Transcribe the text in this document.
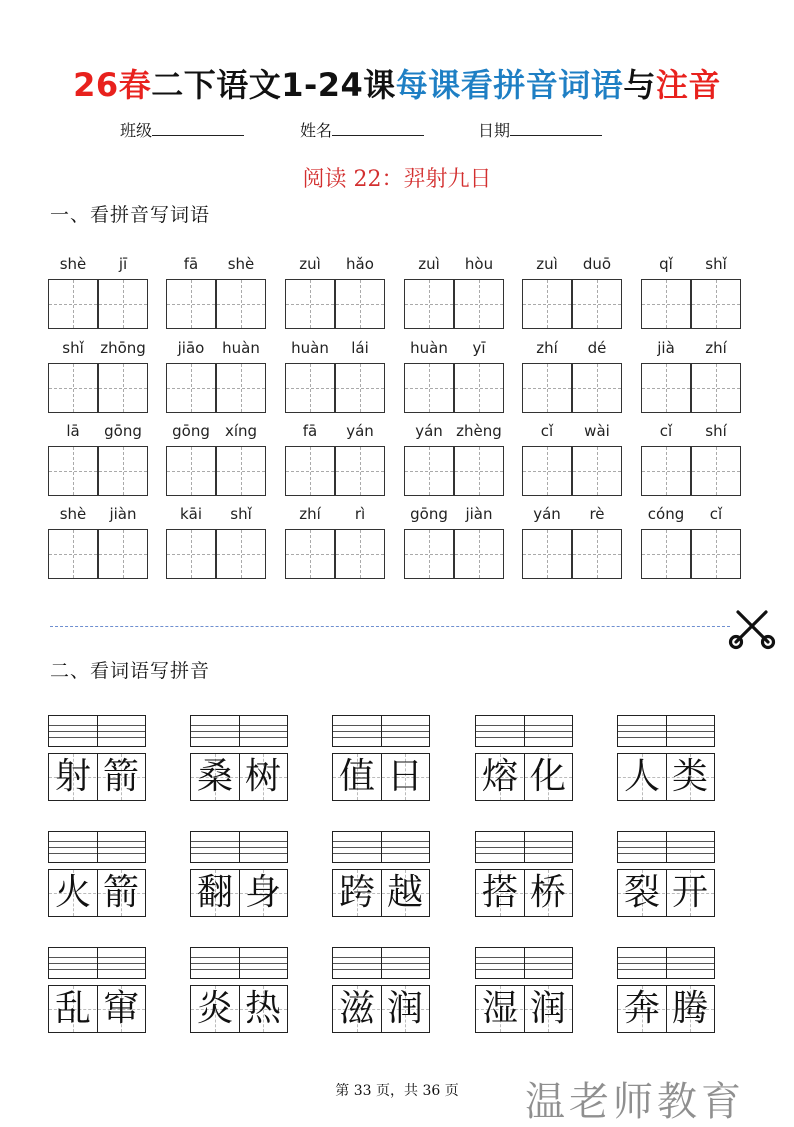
26春二下语文1-24课每课看拼音词语与注音
班级	姓名	日期
阅读 22：羿射九日
一、看拼音写词语
shè	jī	fā	shè	zuì	hǎo	zuì	hòu	zuì	duō	qǐ	shǐ
shǐ	zhōng	jiāo	huàn	huàn	lái	huàn	yī	zhí	dé	jià	zhí
lā	gōng	gōng	xíng	fā	yán	yán zhèng	cǐ	wài	cǐ	shí
shè	jiàn	kāi	shǐ	zhí	rì	gōng	jiàn	yán	rè	cóng	cǐ
二、看词语写拼音
射 箭 桑 树 值 日 熔 化 人 类
火 箭 翻 身 跨 越 搭 桥 裂 开
乱 窜 炎 热 滋 润 湿 润 奔 腾
第 33 页，共 36 页	温老师教育
